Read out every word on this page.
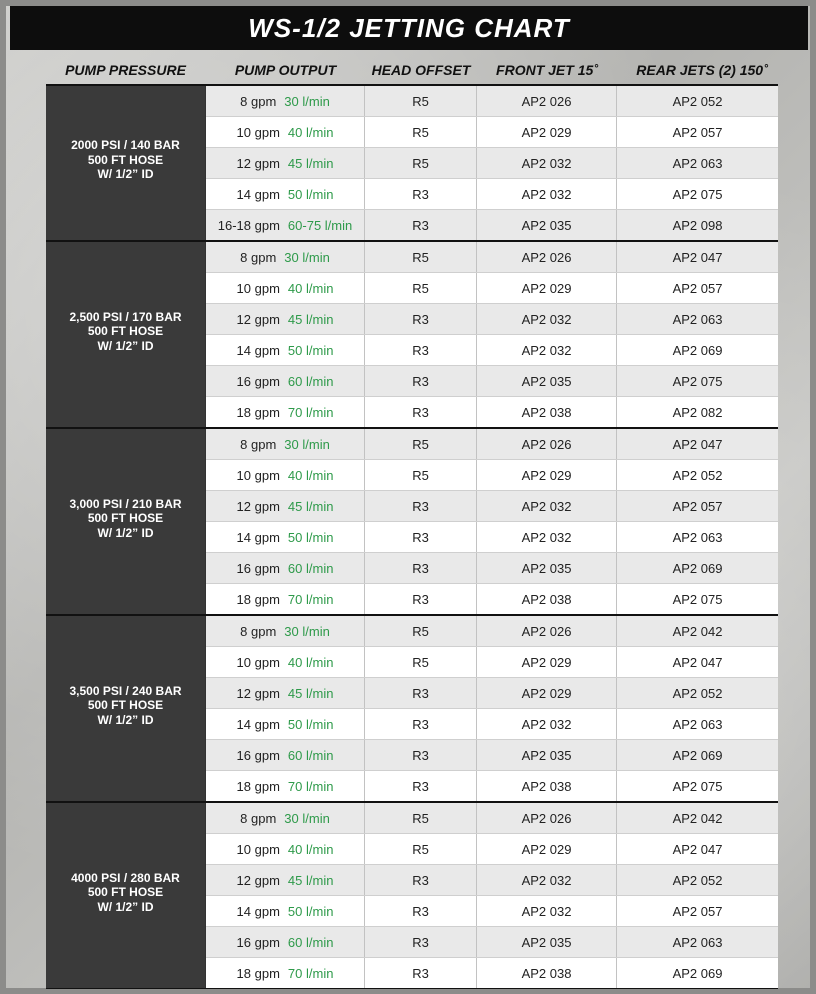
WS-1/2 JETTING CHART
PUMP PRESSURE	PUMP OUTPUT	HEAD OFFSET	FRONT JET 15˚	REAR JETS (2) 150˚
2000 PSI / 140 BAR
500 FT HOSE
W/ 1/2” ID
8 gpm 30 l/min	R5	AP2 026	AP2 052
10 gpm 40 l/min	R5	AP2 029	AP2 057
12 gpm 45 l/min	R5	AP2 032	AP2 063
14 gpm 50 l/min	R3	AP2 032	AP2 075
16-18 gpm 60-75 l/min	R3	AP2 035	AP2 098
2,500 PSI / 170 BAR
500 FT HOSE
W/ 1/2” ID
8 gpm 30 l/min	R5	AP2 026	AP2 047
10 gpm 40 l/min	R5	AP2 029	AP2 057
12 gpm 45 l/min	R3	AP2 032	AP2 063
14 gpm 50 l/min	R3	AP2 032	AP2 069
16 gpm 60 l/min	R3	AP2 035	AP2 075
18 gpm 70 l/min	R3	AP2 038	AP2 082
3,000 PSI / 210 BAR
500 FT HOSE
W/ 1/2” ID
8 gpm 30 l/min	R5	AP2 026	AP2 047
10 gpm 40 l/min	R5	AP2 029	AP2 052
12 gpm 45 l/min	R3	AP2 032	AP2 057
14 gpm 50 l/min	R3	AP2 032	AP2 063
16 gpm 60 l/min	R3	AP2 035	AP2 069
18 gpm 70 l/min	R3	AP2 038	AP2 075
3,500 PSI / 240 BAR
500 FT HOSE
W/ 1/2” ID
8 gpm 30 l/min	R5	AP2 026	AP2 042
10 gpm 40 l/min	R5	AP2 029	AP2 047
12 gpm 45 l/min	R3	AP2 029	AP2 052
14 gpm 50 l/min	R3	AP2 032	AP2 063
16 gpm 60 l/min	R3	AP2 035	AP2 069
18 gpm 70 l/min	R3	AP2 038	AP2 075
4000 PSI / 280 BAR
500 FT HOSE
W/ 1/2” ID
8 gpm 30 l/min	R5	AP2 026	AP2 042
10 gpm 40 l/min	R5	AP2 029	AP2 047
12 gpm 45 l/min	R3	AP2 032	AP2 052
14 gpm 50 l/min	R3	AP2 032	AP2 057
16 gpm 60 l/min	R3	AP2 035	AP2 063
18 gpm 70 l/min	R3	AP2 038	AP2 069
